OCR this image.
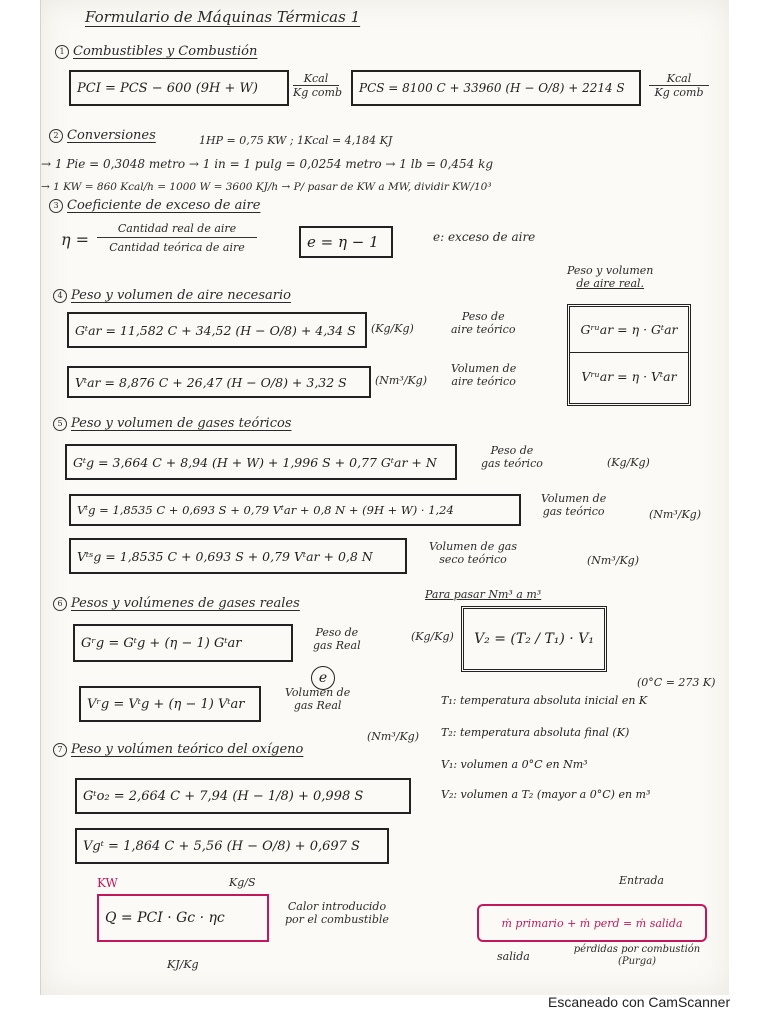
Formulario de Máquinas Térmicas 1
1 Combustibles y Combustión
PCI = PCS − 600 (9H + W)
Kcal
Kg comb	PCS = 8100 C + 33960 (H − O/8) + 2214 S
Kcal
Kg comb
2 Conversiones	1HP = 0,75 KW ; 1Kcal = 4,184 KJ
→ 1 Pie = 0,3048 metro → 1 in = 1 pulg = 0,0254 metro → 1 lb = 0,454 kg
→ 1 KW = 860 Kcal/h = 1000 W = 3600 KJ/h → P/ pasar de KW a MW, dividir KW/10³
3 Coeficiente de exceso de aire
η =
Cantidad real de aire
Cantidad teórica de aire	e = η − 1	e: exceso de aire
4 Peso y volumen de aire necesario
Gᵗar = 11,582 C + 34,52 (H − O/8) + 4,34 S	(Kg/Kg)
Peso de
aire teórico
Vᵗar = 8,876 C + 26,47 (H − O/8) + 3,32 S	(Nm³/Kg)
Volumen de
aire teórico
Peso y volumen
de aire real.
Gʳᵘar = η · Gᵗar
Vʳᵘar = η · Vᵗar
5 Peso y volumen de gases teóricos
Gᵗg = 3,664 C + 8,94 (H + W) + 1,996 S + 0,77 Gᵗar + N
Peso de
gas teórico	(Kg/Kg)
Vᵗg = 1,8535 C + 0,693 S + 0,79 Vᵗar + 0,8 N + (9H + W) · 1,24
Volumen de
gas teórico	(Nm³/Kg)
Vᵗˢg = 1,8535 C + 0,693 S + 0,79 Vᵗar + 0,8 N
Volumen de gas
seco teórico	(Nm³/Kg)
6 Pesos y volúmenes de gases reales
Gʳg = Gᵗg + (η − 1) Gᵗar
Peso de
gas Real
(Kg/Kg)
e
Vʳg = Vᵗg + (η − 1) Vᵗar
Volumen de
gas Real
(Nm³/Kg)
Para pasar Nm³ a m³
V₂ = (T₂ / T₁) · V₁
(0°C = 273 K)
T₁: temperatura absoluta inicial en K
T₂: temperatura absoluta final (K)
V₁: volumen a 0°C en Nm³
V₂: volumen a T₂ (mayor a 0°C) en m³
7 Peso y volúmen teórico del oxígeno
Gᵗo₂ = 2,664 C + 7,94 (H − 1/8) + 0,998 S
Vgᵗ = 1,864 C + 5,56 (H − O/8) + 0,697 S
KW	Kg/S
Q = PCI · Gc · ηc
KJ/Kg
Calor introducido
por el combustible
Entrada
ṁ primario + ṁ perd = ṁ salida
salida
pérdidas por combustión (Purga)
Escaneado con CamScanner
